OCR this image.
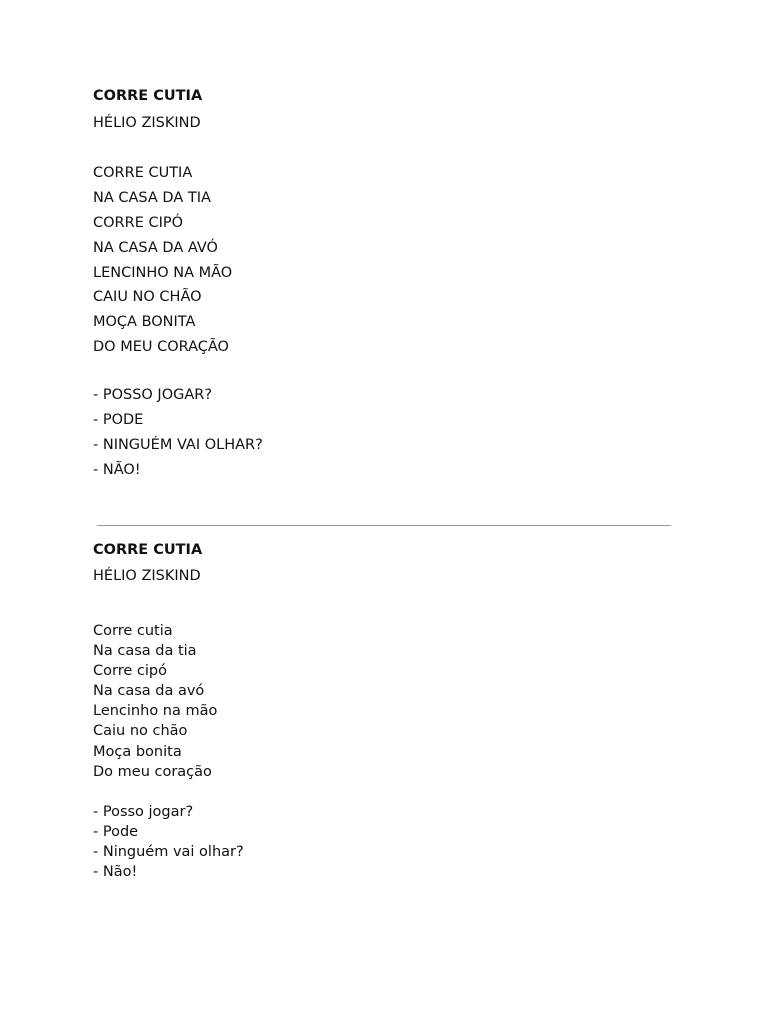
CORRE CUTIA

HÉLIO ZISKIND

CORRE CUTIA
NA CASA DA TIA
CORRE CIPÓ
NA CASA DA AVÓ
LENCINHO NA MÃO
CAIU NO CHÃO
MOÇA BONITA
DO MEU CORAÇÃO
- POSSO JOGAR?
- PODE
- NINGUÉM VAI OLHAR?
- NÃO!
CORRE CUTIA

HÉLIO ZISKIND

Corre cutia
Na casa da tia
Corre cipó
Na casa da avó
Lencinho na mão
Caiu no chão
Moça bonita
Do meu coração
- Posso jogar?
- Pode
- Ninguém vai olhar?
- Não!
